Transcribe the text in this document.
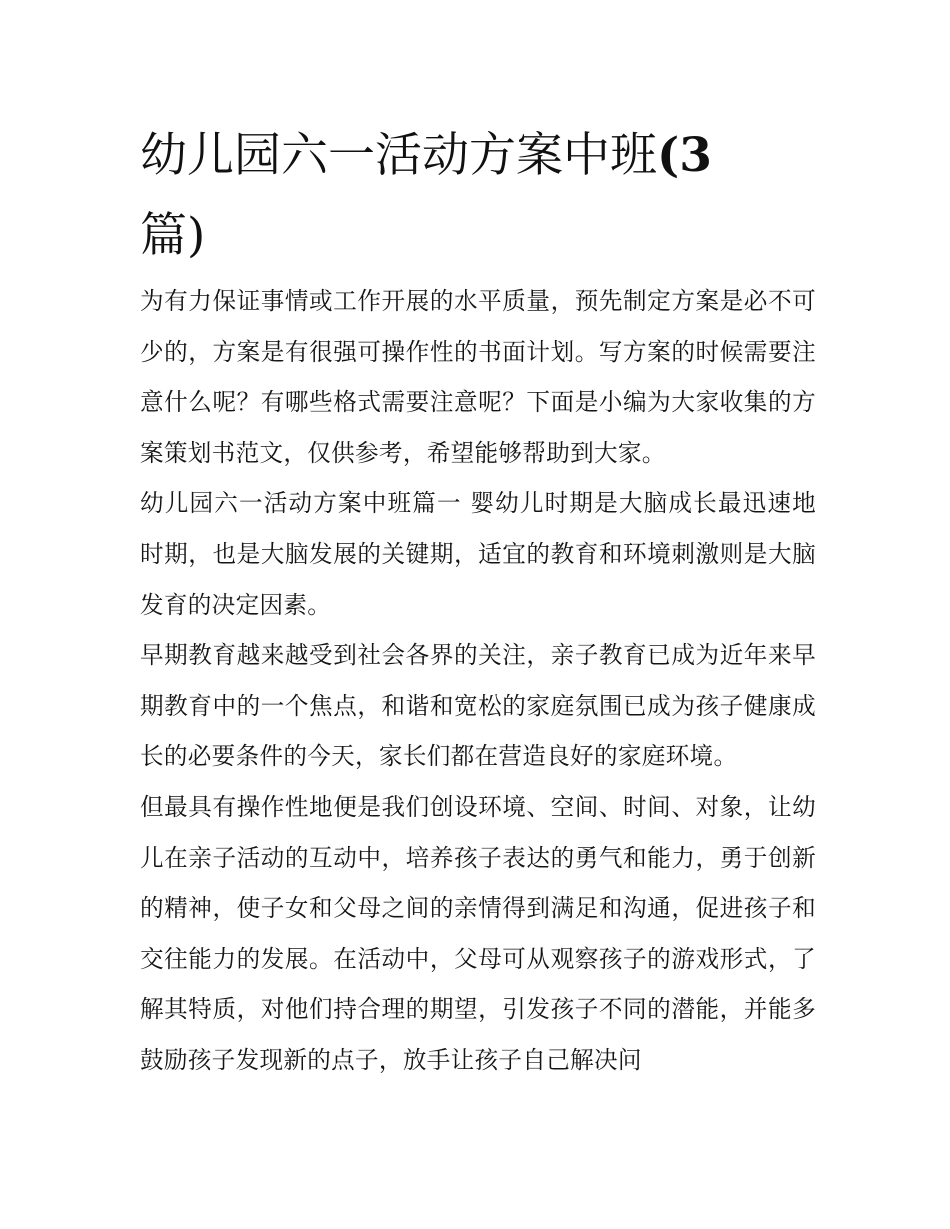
幼儿园六一活动方案中班(3
篇)

为有力保证事情或工作开展的水平质量，预先制定方案是必不可少的，方案是有很强可操作性的书面计划。写方案的时候需要注意什么呢？有哪些格式需要注意呢？下面是小编为大家收集的方案策划书范文，仅供参考，希望能够帮助到大家。

幼儿园六一活动方案中班篇一 婴幼儿时期是大脑成长最迅速地时期，也是大脑发展的关键期，适宜的教育和环境刺激则是大脑发育的决定因素。

早期教育越来越受到社会各界的关注，亲子教育已成为近年来早期教育中的一个焦点，和谐和宽松的家庭氛围已成为孩子健康成长的必要条件的今天，家长们都在营造良好的家庭环境。

但最具有操作性地便是我们创设环境、空间、时间、对象，让幼儿在亲子活动的互动中，培养孩子表达的勇气和能力，勇于创新的精神，使子女和父母之间的亲情得到满足和沟通，促进孩子和交往能力的发展。在活动中，父母可从观察孩子的游戏形式，了解其特质，对他们持合理的期望，引发孩子不同的潜能，并能多鼓励孩子发现新的点子，放手让孩子自己解决问
